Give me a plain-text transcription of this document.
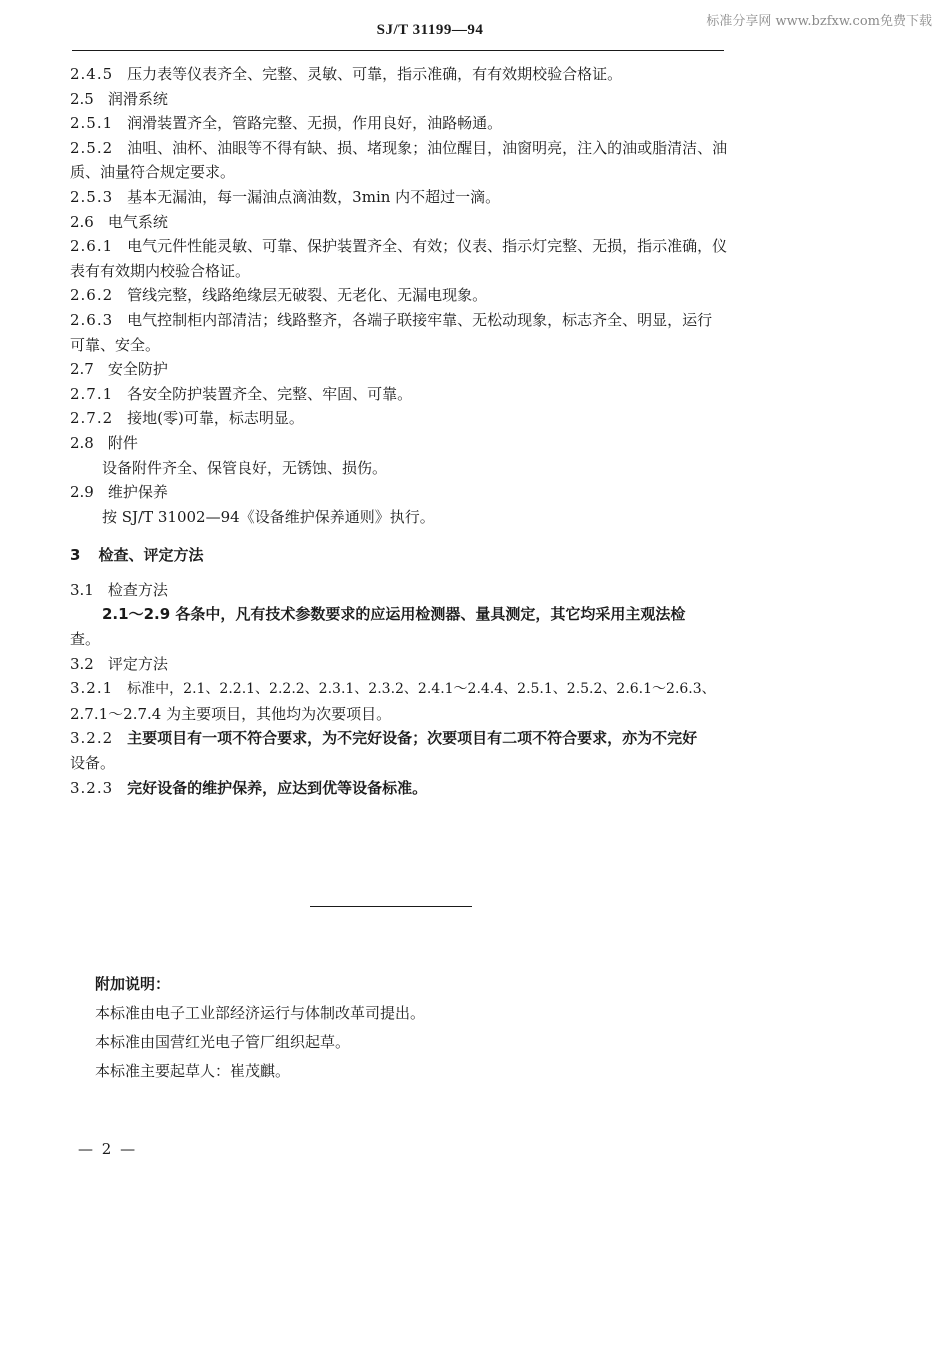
标准分享网 www.bzfxw.com免费下载
SJ/T 31199—94
2.4.5 压力表等仪表齐全、完整、灵敏、可靠，指示准确，有有效期校验合格证。
2.5 润滑系统
2.5.1 润滑装置齐全，管路完整、无损，作用良好，油路畅通。
2.5.2 油咀、油杯、油眼等不得有缺、损、堵现象；油位醒目，油窗明亮，注入的油或脂清洁、油
质、油量符合规定要求。
2.5.3 基本无漏油，每一漏油点滴油数，3min 内不超过一滴。
2.6 电气系统
2.6.1 电气元件性能灵敏、可靠、保护装置齐全、有效；仪表、指示灯完整、无损，指示准确，仪
表有有效期内校验合格证。
2.6.2 管线完整，线路绝缘层无破裂、无老化、无漏电现象。
2.6.3 电气控制柜内部清洁；线路整齐，各端子联接牢靠、无松动现象，标志齐全、明显，运行
可靠、安全。
2.7 安全防护
2.7.1 各安全防护装置齐全、完整、牢固、可靠。
2.7.2 接地(零)可靠，标志明显。
2.8 附件
设备附件齐全、保管良好，无锈蚀、损伤。
2.9 维护保养
按 SJ/T 31002—94《设备维护保养通则》执行。
3 检查、评定方法
3.1 检查方法
2.1～2.9 各条中，凡有技术参数要求的应运用检测器、量具测定，其它均采用主观法检
查。
3.2 评定方法
3.2.1 标准中，2.1、2.2.1、2.2.2、2.3.1、2.3.2、2.4.1～2.4.4、2.5.1、2.5.2、2.6.1～2.6.3、
2.7.1～2.7.4 为主要项目，其他均为次要项目。
3.2.2 主要项目有一项不符合要求，为不完好设备；次要项目有二项不符合要求，亦为不完好
设备。
3.2.3 完好设备的维护保养，应达到优等设备标准。
附加说明：
本标准由电子工业部经济运行与体制改革司提出。
本标准由国营红光电子管厂组织起草。
本标准主要起草人：崔茂麒。
— 2 —
